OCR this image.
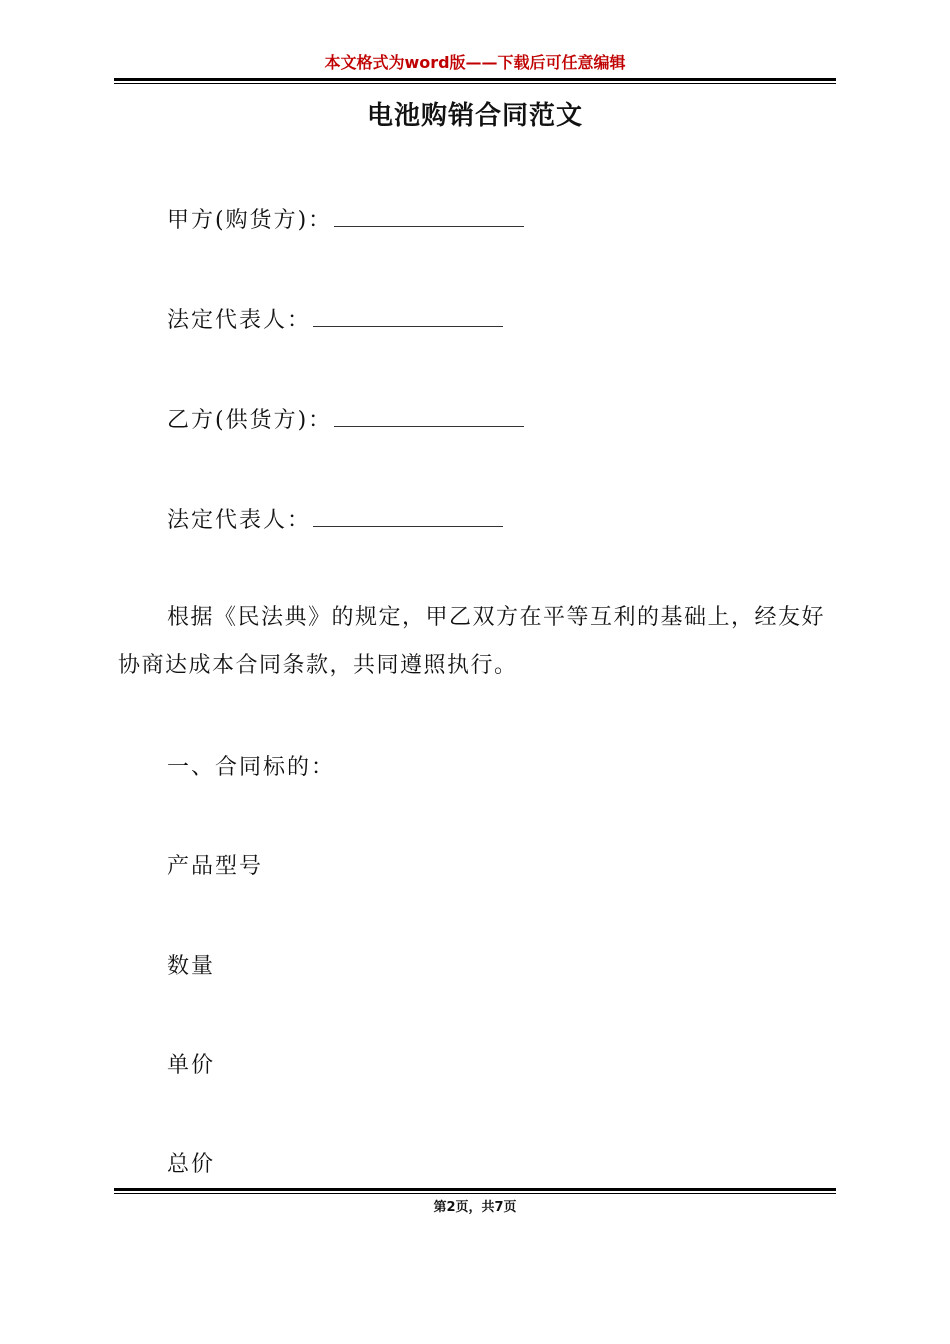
本文格式为word版——下载后可任意编辑
电池购销合同范文
甲方(购货方)：
法定代表人：
乙方(供货方)：
法定代表人：
根据《民法典》的规定，甲乙双方在平等互利的基础上，经友好协商达成本合同条款，共同遵照执行。
一、合同标的：
产品型号
数量
单价
总价
第2页，共7页
